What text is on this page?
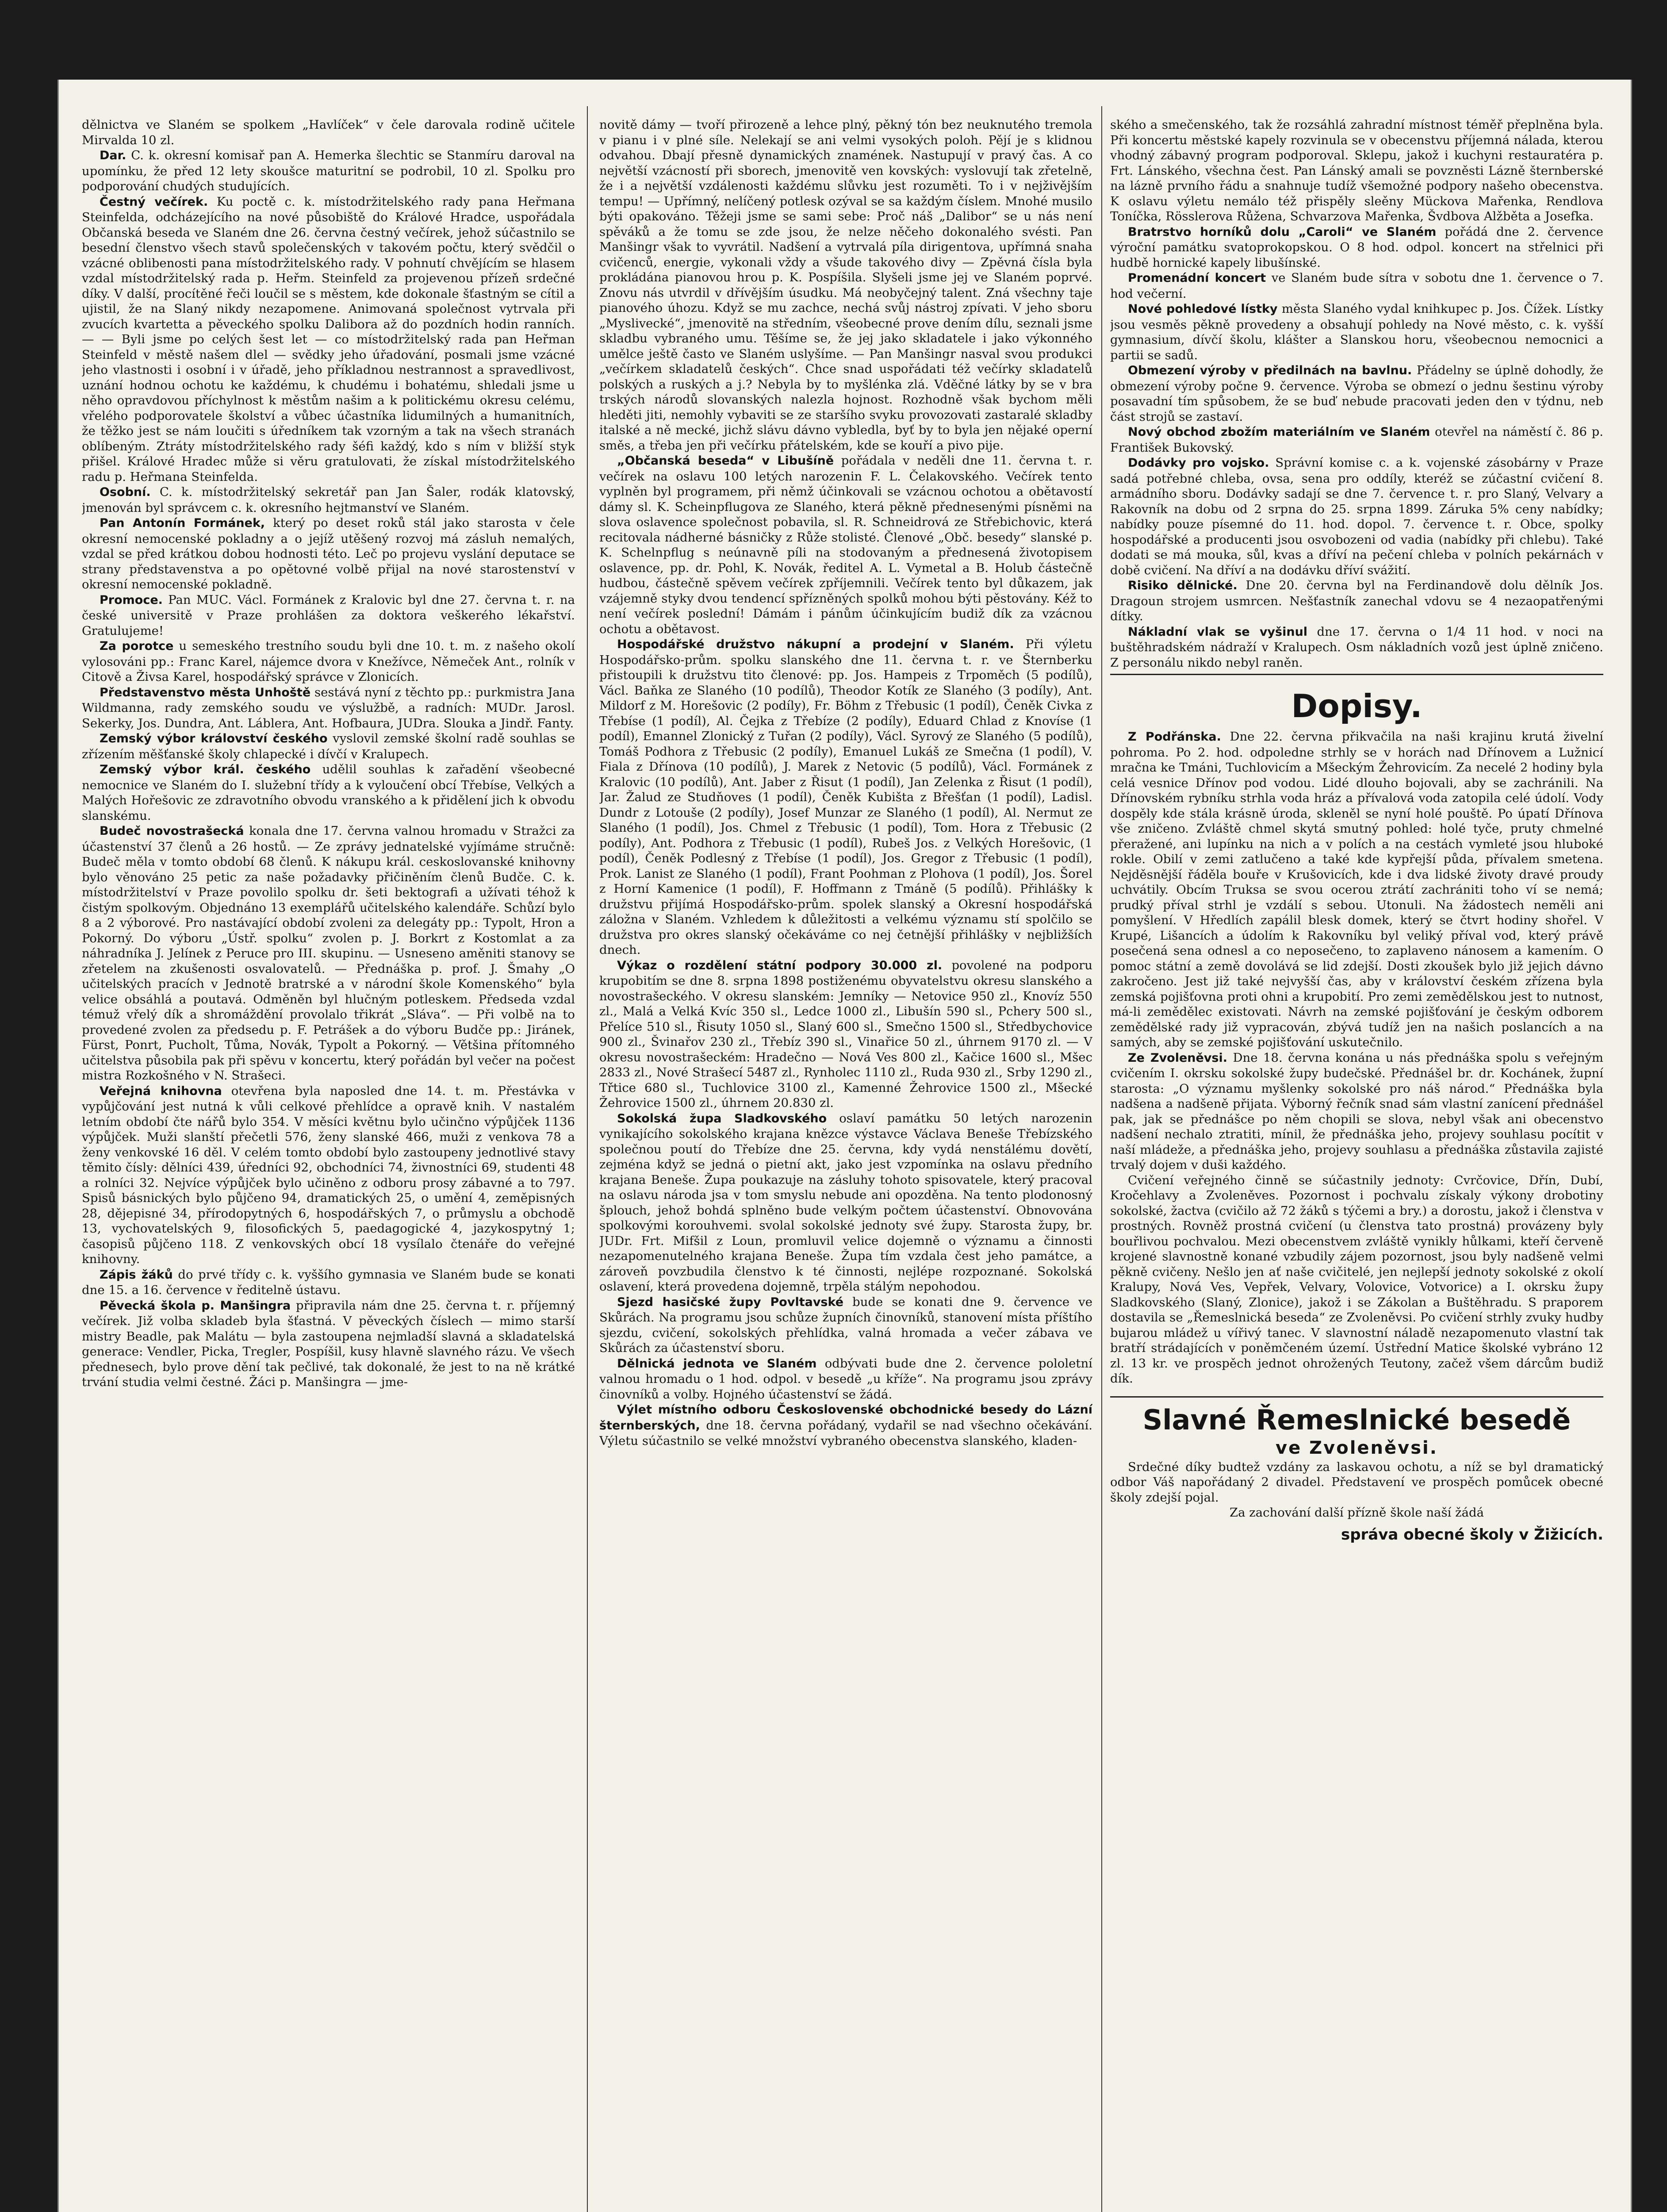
dělnictva ve Slaném se spolkem „Havlíček“ v čele darovala rodině učitele Mirvalda 10 zl.

Dar. C. k. okresní komisař pan A. Hemerka šlechtic se Stanmíru daroval na upomínku, že před 12 lety skoušce maturitní se podrobil, 10 zl. Spolku pro podporování chudých studujících.

Čestný večírek. Ku poctě c. k. místodržitelského rady pana Heřmana Steinfelda, odcházejícího na nové působiště do Králové Hradce, uspořádala Občanská beseda ve Slaném dne 26. června čestný večírek, jehož súčastnilo se besední členstvo všech stavů společenských v takovém počtu, který svědčil o vzácné oblibenosti pana místodržitelského rady. V pohnutí chvějícím se hlasem vzdal místodržitelský rada p. Heřm. Steinfeld za projevenou přízeň srdečné díky. V další, procítěné řeči loučil se s městem, kde dokonale šťastným se cítil a ujistil, že na Slaný nikdy nezapomene. Animovaná společnost vytrvala při zvucích kvartetta a pěveckého spolku Dalibora až do pozdních hodin ranních. — — Byli jsme po celých šest let — co místodržitelský rada pan Heřman Steinfeld v městě našem dlel — svědky jeho úřadování, posmali jsme vzácné jeho vlastnosti i osobní i v úřadě, jeho příkladnou nestrannost a spravedlivost, uznání hodnou ochotu ke každému, k chudému i bohatému, shledali jsme u něho opravdovou příchylnost k městům našim a k politickému okresu celému, vřelého podporovatele školství a vůbec účastníka lidumilných a humanitních, že těžko jest se nám loučiti s úředníkem tak vzorným a tak na všech stranách oblíbeným. Ztráty místodržitelského rady šéfi každý, kdo s ním v bližší styk přišel. Králové Hradec může si věru gratulovati, že získal místodržitelského radu p. Heřmana Steinfelda.

Osobní. C. k. místodržitelský sekretář pan Jan Šaler, rodák klatovský, jmenován byl správcem c. k. okresního hejtmanství ve Slaném.

Pan Antonín Formánek, který po deset roků stál jako starosta v čele okresní nemocenské pokladny a o jejíž utěšený rozvoj má zásluh nemalých, vzdal se před krátkou dobou hodnosti této. Leč po projevu vyslání deputace se strany představenstva a po opětovné volbě přijal na nové starostenství v okresní nemocenské pokladně.

Promoce. Pan MUC. Václ. Formánek z Kralovic byl dne 27. června t. r. na české universitě v Praze prohlášen za doktora veškerého lékařství. Gratulujeme!

Za porotce u semeského trestního soudu byli dne 10. t. m. z našeho okolí vylosováni pp.: Franc Karel, nájemce dvora v Knežívce, Němeček Ant., rolník v Citově a Živsa Karel, hospodářský správce v Zlonicích.

Představenstvo města Unhoště sestává nyní z těchto pp.: purkmistra Jana Wildmanna, rady zemského soudu ve výslužbě, a radních: MUDr. Jarosl. Sekerky, Jos. Dundra, Ant. Láblera, Ant. Hofbaura, JUDra. Slouka a Jindř. Fanty.

Zemský výbor království českého vyslovil zemské školní radě souhlas se zřízením měšťanské školy chlapecké i dívčí v Kralupech.

Zemský výbor král. českého udělil souhlas k zařadění všeobecné nemocnice ve Slaném do I. služební třídy a k vyloučení obcí Třebíse, Velkých a Malých Hořešovic ze zdravotního obvodu vranského a k přidělení jich k obvodu slanskému.

Budeč novostrašecká konala dne 17. června valnou hromadu v Stražci za účastenství 37 členů a 26 hostů. — Ze zprávy jednatelské vyjímáme stručně: Budeč měla v tomto období 68 členů. K nákupu král. ceskoslovanské knihovny bylo věnováno 25 petic za naše požadavky přičiněním členů Budče. C. k. místodržitelství v Praze povolilo spolku dr. šeti bektografi a užívati téhož k čistým spolkovým. Objednáno 13 exemplářů učitelského kalendáře. Schůzí bylo 8 a 2 výborové. Pro nastávající období zvoleni za delegáty pp.: Typolt, Hron a Pokorný. Do výboru „Ústř. spolku“ zvolen p. J. Borkrt z Kostomlat a za náhradníka J. Jelínek z Peruce pro III. skupinu. — Usneseno aměniti stanovy se zřetelem na zkušenosti osvalovatelů. — Přednáška p. prof. J. Šmahy „O učitelských pracích v Jednotě bratrské a v národní škole Komenského“ byla velice obsáhlá a poutavá. Odměněn byl hlučným potleskem. Předseda vzdal témuž vřelý dík a shromáždění provolalo třikrát „Sláva“. — Při volbě na to provedené zvolen za předsedu p. F. Petrášek a do výboru Budče pp.: Jiránek, Fürst, Ponrt, Pucholt, Tůma, Novák, Typolt a Pokorný. — Většina přítomného učitelstva působila pak při spěvu v koncertu, který pořádán byl večer na počest mistra Rozkošného v N. Strašeci.

Veřejná knihovna otevřena byla naposled dne 14. t. m. Přestávka v vypůjčování jest nutná k vůli celkové přehlídce a opravě knih. V nastalém letním období čte nářů bylo 354. V měsíci květnu bylo učinčno výpůjček 1136 výpůjček. Muži slanští přečetli 576, ženy slanské 466, muži z venkova 78 a ženy venkovské 16 děl. V celém tomto období bylo zastoupeny jednotlivé stavy těmito čísly: dělníci 439, úředníci 92, obchodníci 74, živnostníci 69, studenti 48 a rolníci 32. Nejvíce výpůjček bylo učiněno z odboru prosy zábavné a to 797. Spisů básnických bylo půjčeno 94, dramatických 25, o umění 4, zeměpisných 28, dějepisné 34, přírodopytných 6, hospodářských 7, o průmyslu a obchodě 13, vychovatelských 9, filosofických 5, paedagogické 4, jazykospytný 1; časopisů půjčeno 118. Z venkovských obcí 18 vysílalo čtenáře do veřejné knihovny.

Zápis žáků do prvé třídy c. k. vyššího gymnasia ve Slaném bude se konati dne 15. a 16. července v ředitelně ústavu.

Pěvecká škola p. Manšingra připravila nám dne 25. června t. r. příjemný večírek. Již volba skladeb byla šťastná. V pěveckých číslech — mimo starší mistry Beadle, pak Malátu — byla zastoupena nejmladší slavná a skladatelská generace: Vendler, Picka, Tregler, Pospíšil, kusy hlavně slavného rázu. Ve všech přednesech, bylo prove dění tak pečlivé, tak dokonalé, že jest to na ně krátké trvání studia velmi čestné. Žáci p. Manšingra — jme-

novitě dámy — tvoří přirozeně a lehce plný, pěkný tón bez neuknutého tremola v pianu i v plné síle. Nelekají se ani velmi vysokých poloh. Pějí je s klidnou odvahou. Dbají přesně dynamických znamének. Nastupují v pravý čas. A co největší vzácností při sborech, jmenovitě ven kovských: vyslovují tak zřetelně, že i a největší vzdálenosti každému slůvku jest rozuměti. To i v nejživějším tempu! — Upřímný, nelíčený potlesk ozýval se sa každým číslem. Mnohé musilo býti opakováno. Těžeji jsme se sami sebe: Proč náš „Dalibor“ se u nás není spěváků a že tomu se zde jsou, že nelze něčeho dokonalého svésti. Pan Manšingr však to vyvrátil. Nadšení a vytrvalá píla dirigentova, upřímná snaha cvičenců, energie, vykonali vždy a všude takového divy — Zpěvná čísla byla prokládána pianovou hrou p. K. Pospíšila. Slyšeli jsme jej ve Slaném poprvé. Znovu nás utvrdil v dřívějším úsudku. Má neobyčejný talent. Zná všechny taje pianového úhozu. Když se mu zachce, nechá svůj nástroj zpívati. V jeho sboru „Myslivecké“, jmenovitě na středním, všeobecné prove dením dílu, seznali jsme skladbu vybraného umu. Těšíme se, že jej jako skladatele i jako výkonného umělce ještě často ve Slaném uslyšíme. — Pan Manšingr nasval svou produkci „večírkem skladatelů českých“. Chce snad uspořádati též večírky skladatelů polských a ruských a j.? Nebyla by to myšlénka zlá. Vděčné látky by se v bra trských národů slovanských nalezla hojnost. Rozhodně však bychom měli hleděti jiti, nemohly vybaviti se ze staršího svyku provozovati zastaralé skladby italské a ně mecké, jichž slávu dávno vybledla, byť by to byla jen nějaké operní směs, a třeba jen při večírku přátelském, kde se kouří a pivo pije.

„Občanská beseda“ v Libušíně pořádala v neděli dne 11. června t. r. večírek na oslavu 100 letých narozenin F. L. Čelakovského. Večírek tento vyplněn byl programem, při němž účinkovali se vzácnou ochotou a obětavostí dámy sl. K. Scheinpflugova ze Slaného, která pěkně přednesenými písněmi na slova oslavence společnost pobavila, sl. R. Schneidrová ze Střebichovic, která recitovala nádherné básničky z Růže stolisté. Členové „Obč. besedy“ slanské p. K. Schelnpflug s neúnavně píli na stodovaným a přednesená životopisem oslavence, pp. dr. Pohl, K. Novák, ředitel A. L. Vymetal a B. Holub částečně hudbou, částečně spěvem večírek zpříjemnili. Večírek tento byl důkazem, jak vzájemně styky dvou tendencí spřízněných spolků mohou býti pěstovány. Kéž to není večírek poslední! Dámám i pánům účinkujícím budiž dík za vzácnou ochotu a obětavost.

Hospodářské družstvo nákupní a prodejní v Slaném. Při výletu Hospodářsko-prům. spolku slanského dne 11. června t. r. ve Šternberku přistoupili k družstvu tito členové: pp. Jos. Hampeis z Trpoměch (5 podílů), Václ. Baňka ze Slaného (10 podílů), Theodor Kotík ze Slaného (3 podíly), Ant. Mildorf z M. Horešovic (2 podíly), Fr. Böhm z Třebusic (1 podíl), Čeněk Civka z Třebíse (1 podíl), Al. Čejka z Třebíze (2 podíly), Eduard Chlad z Knovíse (1 podíl), Emannel Zlonický z Tuřan (2 podíly), Václ. Syrový ze Slaného (5 podílů), Tomáš Podhora z Třebusic (2 podíly), Emanuel Lukáš ze Smečna (1 podíl), V. Fiala z Dřínova (10 podílů), J. Marek z Netovic (5 podílů), Václ. Formánek z Kralovic (10 podílů), Ant. Jaber z Řisut (1 podíl), Jan Zelenka z Řisut (1 podíl), Jar. Žalud ze Studňoves (1 podíl), Čeněk Kubišta z Břešťan (1 podíl), Ladisl. Dundr z Lotouše (2 podíly), Josef Munzar ze Slaného (1 podíl), Al. Nermut ze Slaného (1 podíl), Jos. Chmel z Třebusic (1 podíl), Tom. Hora z Třebusic (2 podíly), Ant. Podhora z Třebusic (1 podíl), Rubeš Jos. z Velkých Horešovic, (1 podíl), Čeněk Podlesný z Třebíse (1 podíl), Jos. Gregor z Třebusic (1 podíl), Prok. Lanist ze Slaného (1 podíl), Frant Poohman z Plohova (1 podíl), Jos. Šorel z Horní Kamenice (1 podíl), F. Hoffmann z Tmáně (5 podílů). Přihlášky k družstvu přijímá Hospodářsko-prům. spolek slanský a Okresní hospodářská záložna v Slaném. Vzhledem k důležitosti a velkému významu stí spolčilo se družstva pro okres slanský očekáváme co nej četnější přihlášky v nejbližších dnech.

Výkaz o rozdělení státní podpory 30.000 zl. povolené na podporu krupobitím se dne 8. srpna 1898 postiženému obyvatelstvu okresu slanského a novostrašeckého. V okresu slanském: Jemníky — Netovice 950 zl., Knovíz 550 zl., Malá a Velká Kvíc 350 sl., Ledce 1000 zl., Libušín 590 sl., Pchery 500 sl., Přelíce 510 sl., Řisuty 1050 sl., Slaný 600 sl., Smečno 1500 sl., Středbychovice 900 zl., Švinařov 230 zl., Třebíz 390 sl., Vinařice 50 zl., úhrnem 9170 zl. — V okresu novostrašeckém: Hradečno — Nová Ves 800 zl., Kačice 1600 sl., Mšec 2833 zl., Nové Strašecí 5487 zl., Rynholec 1110 zl., Ruda 930 zl., Srby 1290 zl., Třtice 680 sl., Tuchlovice 3100 zl., Kamenné Žehrovice 1500 zl., Mšecké Žehrovice 1500 zl., úhrnem 20.830 zl.

Sokolská župa Sladkovského oslaví památku 50 letých narozenin vynikajícího sokolského krajana knězce výstavce Václava Beneše Třebízského společnou poutí do Třebíze dne 25. června, kdy vydá nenstálému dovětí, zejména když se jedná o pietní akt, jako jest vzpomínka na oslavu předního krajana Beneše. Župa poukazuje na zásluhy tohoto spisovatele, který pracoval na oslavu národa jsa v tom smyslu nebude ani opozděna. Na tento plodonosný šplouch, jehož bohdá splněno bude velkým počtem účastenství. Obnovována spolkovými korouhvemi. svolal sokolské jednoty své župy. Starosta župy, br. JUDr. Frt. Mifšil z Loun, promluvil velice dojemně o významu a činnosti nezapomenutelného krajana Beneše. Župa tím vzdala čest jeho památce, a zároveň povzbudila členstvo k té činnosti, nejlépe rozpoznané. Sokolská oslavení, která provedena dojemně, trpěla stálým nepohodou.

Sjezd hasičské župy Povltavské bude se konati dne 9. července ve Skůrách. Na programu jsou schůze župních činovníků, stanovení místa příštího sjezdu, cvičení, sokolských přehlídka, valná hromada a večer zábava ve Skůrách za účastenství sboru.

Dělnická jednota ve Slaném odbývati bude dne 2. července pololetní valnou hromadu o 1 hod. odpol. v besedě „u kříže“. Na programu jsou zprávy činovníků a volby. Hojného účastenství se žádá.

Výlet místního odboru Československé obchodnické besedy do Lázní šternberských, dne 18. června pořádaný, vydařil se nad všechno očekávání. Výletu súčastnilo se velké množství vybraného obecenstva slanského, kladen-

ského a smečenského, tak že rozsáhlá zahradní místnost téměř přeplněna byla. Při koncertu městské kapely rozvinula se v obecenstvu příjemná nálada, kterou vhodný zábavný program podporoval. Sklepu, jakož i kuchyni restauratéra p. Frt. Lánského, všechna čest. Pan Lánský amali se povzněsti Lázně šternberské na lázně prvního řádu a snahnuje tudíž všemožné podpory našeho obecenstva. K oslavu výletu nemálo též přispěly sleěny Mückova Mařenka, Rendlova Toníčka, Rösslerova Růžena, Schvarzova Mařenka, Švdbova Alžběta a Josefka.

Bratrstvo horníků dolu „Caroli“ ve Slaném pořádá dne 2. července výroční památku svatoprokopskou. O 8 hod. odpol. koncert na střelnici při hudbě hornické kapely libušínské.

Promenádní koncert ve Slaném bude sítra v sobotu dne 1. července o 7. hod večerní.

Nové pohledové lístky města Slaného vydal knihkupec p. Jos. Čížek. Lístky jsou vesměs pěkně provedeny a obsahují pohledy na Nové město, c. k. vyšší gymnasium, dívčí školu, klášter a Slanskou horu, všeobecnou nemocnici a partii se sadů.

Obmezení výroby v předilnách na bavlnu. Přádelny se úplně dohodly, že obmezení výroby počne 9. července. Výroba se obmezí o jednu šestinu výroby posavadní tím spůsobem, že se buď nebude pracovati jeden den v týdnu, neb část strojů se zastaví.

Nový obchod zbožím materiálním ve Slaném otevřel na náměstí č. 86 p. František Bukovský.

Dodávky pro vojsko. Správní komise c. a k. vojenské zásobárny v Praze sadá potřebné chleba, ovsa, sena pro oddíly, kteréž se zúčastní cvičení 8. armádního sboru. Dodávky sadají se dne 7. července t. r. pro Slaný, Velvary a Rakovník na dobu od 2 srpna do 25. srpna 1899. Záruka 5% ceny nabídky; nabídky pouze písemné do 11. hod. dopol. 7. července t. r. Obce, spolky hospodářské a producenti jsou osvobozeni od vadia (nabídky při chlebu). Také dodati se má mouka, sůl, kvas a dříví na pečení chleba v polních pekárnách v době cvičení. Na dříví a na dodávku dříví svážití.

Risiko dělnické. Dne 20. června byl na Ferdinandově dolu dělník Jos. Dragoun strojem usmrcen. Nešťastník zanechal vdovu se 4 nezaopatřenými dítky.

Nákladní vlak se vyšinul dne 17. června o 1/4 11 hod. v noci na buštěhradském nádraží v Kralupech. Osm nákladních vozů jest úplně zničeno. Z personálu nikdo nebyl raněn.

Dopisy.

Z Podřánska. Dne 22. června přikvačila na naši krajinu krutá živelní pohroma. Po 2. hod. odpoledne strhly se v horách nad Dřínovem a Lužnicí mračna ke Tmáni, Tuchlovicím a Mšeckým Žehrovicím. Za necelé 2 hodiny byla celá vesnice Dřínov pod vodou. Lidé dlouho bojovali, aby se zachránili. Na Dřínovském rybníku strhla voda hráz a přívalová voda zatopila celé údolí. Vody dospěly kde stála krásně úroda, skleněl se nyní holé pouště. Po úpatí Dřínova vše zničeno. Zvláště chmel skytá smutný pohled: holé tyče, pruty chmelné přeražené, ani lupínku na nich a v polích a na cestách vymleté jsou hluboké rokle. Obilí v zemi zatlučeno a také kde kypřejší půda, přívalem smetena. Nejděsnější řáděla bouře v Krušovicích, kde i dva lidské životy dravé proudy uchvátily. Obcím Truksa se svou ocerou ztrátí zachrániti toho ví se nemá; prudký příval strhl je vzdálí s sebou. Utonuli. Na žádostech neměli ani pomyšlení. V Hředlích zapálil blesk domek, který se čtvrt hodiny shořel. V Krupé, Lišancích a údolím k Rakovníku byl veliký příval vod, který právě posečená sena odnesl a co neposečeno, to zaplaveno nánosem a kamením. O pomoc státní a země dovolává se lid zdejší. Dosti zkoušek bylo již jejich dávno zakročeno. Jest již také nejvyšší čas, aby v království českém zřízena byla zemská pojišťovna proti ohni a krupobití. Pro zemi zemědělskou jest to nutnost, má-li zemědělec existovati. Návrh na zemské pojišťování je českým odborem zemědělské rady již vypracován, zbývá tudíž jen na našich poslancích a na samých, aby se zemské pojišťování uskutečnilo.

Ze Zvoleněvsi. Dne 18. června konána u nás přednáška spolu s veřejným cvičením I. okrsku sokolské župy budečské. Přednášel br. dr. Kochánek, župní starosta: „O významu myšlenky sokolské pro náš národ.“ Přednáška byla nadšena a nadšeně přijata. Výborný řečník snad sám vlastní zanícení přednášel pak, jak se přednášce po něm chopili se slova, nebyl však ani obecenstvo nadšení nechalo ztratiti, mínil, že přednáška jeho, projevy souhlasu pocítit v naší mládeže, a přednáška jeho, projevy souhlasu a přednáška zůstavila zajisté trvalý dojem v duši každého.

Cvičení veřejného činně se súčastnily jednoty: Cvrčovice, Dřín, Dubí, Kročehlavy a Zvoleněves. Pozornost i pochvalu získaly výkony drobotiny sokolské, žactva (cvičilo až 72 žáků s týčemi a bry.) a dorostu, jakož i členstva v prostných. Rovněž prostná cvičení (u členstva tato prostná) provázeny byly bouřlivou pochvalou. Mezi obecenstvem zvláště vynikly hůlkami, kteří červeně krojené slavnostně konané vzbudily zájem pozornost, jsou byly nadšeně velmi pěkně cvičeny. Nešlo jen ať naše cvičitelé, jen nejlepší jednoty sokolské z okolí Kralupy, Nová Ves, Vepřek, Velvary, Volovice, Votvorice) a I. okrsku župy Sladkovského (Slaný, Zlonice), jakož i se Zákolan a Buštěhradu. S praporem dostavila se „Řemeslnická beseda“ ze Zvoleněvsi. Po cvičení strhly zvuky hudby bujarou mládež u vířivý tanec. V slavnostní náladě nezapomenuto vlastní tak bratří strádajících v poněmčeném území. Ústřední Matice školské vybráno 12 zl. 13 kr. ve prospěch jednot ohrožených Teutony, začež všem dárcům budiž dík.

Slavné Řemeslnické besedě
ve Zvoleněvsi.

Srdečné díky budtež vzdány za laskavou ochotu, a níž se byl dramatický odbor Váš napořádaný 2 divadel. Představení ve prospěch pomůcek obecné školy zdejší pojal.

Za zachování další přízně škole naší žádá

správa obecné školy v Žižicích.
